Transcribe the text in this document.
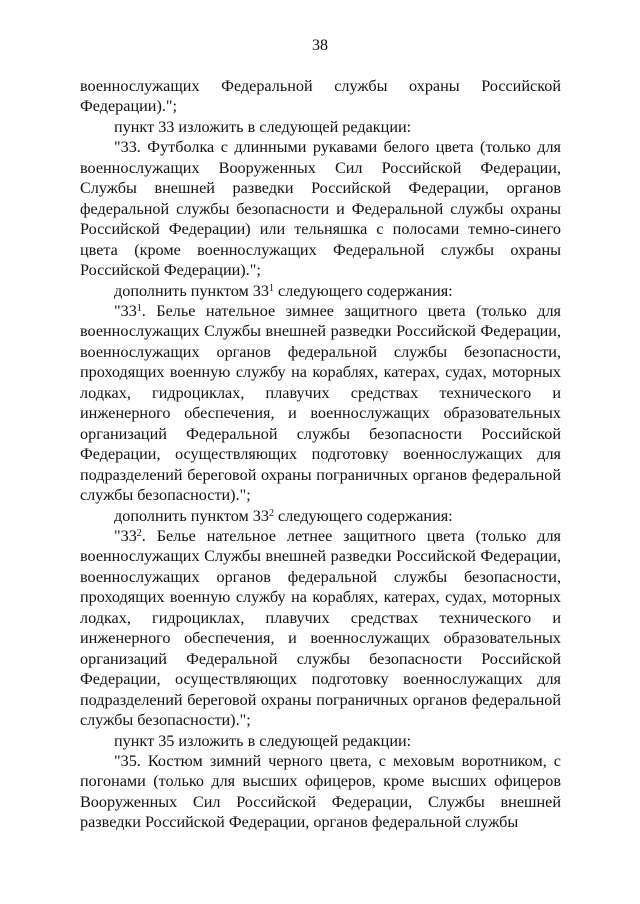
38

военнослужащих Федеральной службы охраны Российской Федерации).";

пункт 33 изложить в следующей редакции:

"33. Футболка с длинными рукавами белого цвета (только для военнослужащих Вооруженных Сил Российской Федерации, Службы внешней разведки Российской Федерации, органов федеральной службы безопасности и Федеральной службы охраны Российской Федерации) или тельняшка с полосами темно-синего цвета (кроме военнослужащих Федеральной службы охраны Российской Федерации).";

дополнить пунктом $33^1$ следующего содержания:

"$33^1$. Белье нательное зимнее защитного цвета (только для военнослужащих Службы внешней разведки Российской Федерации, военнослужащих органов федеральной службы безопасности, проходящих военную службу на кораблях, катерах, судах, моторных лодках, гидроциклах, плавучих средствах технического и инженерного обеспечения, и военнослужащих образовательных организаций Федеральной службы безопасности Российской Федерации, осуществляющих подготовку военнослужащих для подразделений береговой охраны пограничных органов федеральной службы безопасности).";

дополнить пунктом $33^2$ следующего содержания:

"$33^2$. Белье нательное летнее защитного цвета (только для военнослужащих Службы внешней разведки Российской Федерации, военнослужащих органов федеральной службы безопасности, проходящих военную службу на кораблях, катерах, судах, моторных лодках, гидроциклах, плавучих средствах технического и инженерного обеспечения, и военнослужащих образовательных организаций Федеральной службы безопасности Российской Федерации, осуществляющих подготовку военнослужащих для подразделений береговой охраны пограничных органов федеральной службы безопасности).";

пункт 35 изложить в следующей редакции:

"35. Костюм зимний черного цвета, с меховым воротником, с погонами (только для высших офицеров, кроме высших офицеров Вооруженных Сил Российской Федерации, Службы внешней разведки Российской Федерации, органов федеральной службы
